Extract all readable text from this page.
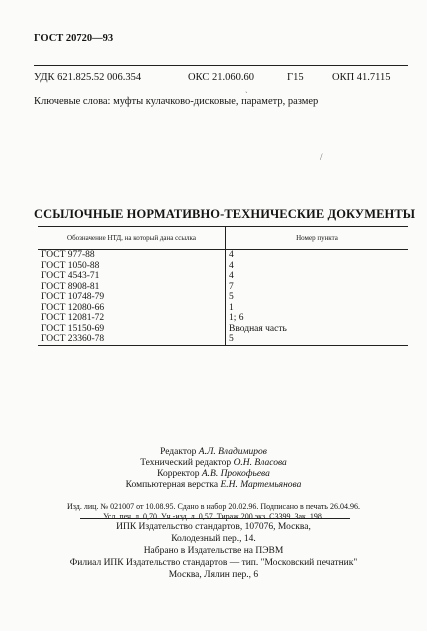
ГОСТ 20720—93
УДК 621.825.52 006.354	ОКС 21.060.60	Г15	ОКП 41.7115
ˏ
Ключевые слова: муфты кулачково-дисковые, параметр, размер
/
ССЫЛОЧНЫЕ НОРМАТИВНО-ТЕХНИЧЕСКИЕ ДОКУМЕНТЫ
Обозначение НТД, на который дана ссылка	Номер пункта
ГОСТ 977-88	4
ГОСТ 1050-88	4
ГОСТ 4543-71	4
ГОСТ 8908-81	7
ГОСТ 10748-79	5
ГОСТ 12080-66	1
ГОСТ 12081-72	1; 6
ГОСТ 15150-69	Вводная часть
ГОСТ 23360-78	5
Редактор А.Л. Владимиров
Технический редактор О.Н. Власова
Корректор А.В. Прокофьева
Компьютерная верстка Е.Н. Мартемьянова
Изд. лиц. № 021007 от 10.08.95. Сдано в набор 20.02.96. Подписано в печать 26.04.96.
Усл. печ. л. 0,70. Уч.-изд. л. 0,57. Тираж 200 экз. С3399. Зак. 198.
ИПК Издательство стандартов, 107076, Москва,
Колодезный пер., 14.
Набрано в Издательстве на ПЭВМ
Филиал ИПК Издательство стандартов — тип. "Московский печатник"
Москва, Лялин пер., 6
